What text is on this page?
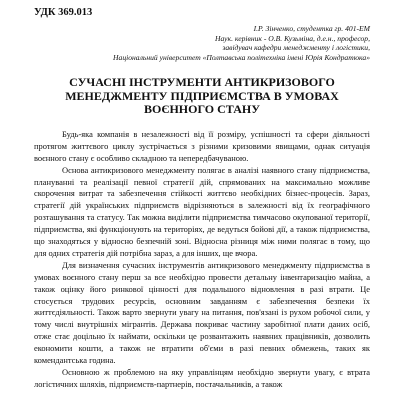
УДК 369.013

І.Р. Зінченко, студентка гр. 401-ЕМ
Наук. керівник - О.В. Кузьміна, д.е.н., професор,
завідувач кафедри менеджменту і логістики,
Національний університет «Полтавська політехніка імені Юрія Кондратюка»
СУЧАСНІ ІНСТРУМЕНТИ АНТИКРИЗОВОГО МЕНЕДЖМЕНТУ ПІДПРИЄМСТВА В УМОВАХ ВОЄННОГО СТАНУ

Будь-яка компанія в незалежності від її розміру, успішності та сфери діяльності протягом життєвого циклу зустрічається з різними кризовими явищами, однак ситуація воєнного стану є особливо складною та непередбачуваною.

Основа антикризового менеджменту полягає в аналізі наявного стану підприємства, плануванні та реалізації певної стратегії дій, спрямованих на максимально можливе скорочення витрат та забезпечення стійкості життєво необхідних бізнес-процесів. Зараз, стратегії дій українських підприємств відрізняються в залежності від їх географічного розташування та статусу. Так можна виділити підприємства тимчасово окупованої території, підприємства, які функціонують на територіях, де ведуться бойові дії, а також підприємства, що знаходяться у відносно безпечній зоні. Відносна різниця між ними полягає в тому, що для одних стратегія дій потрібна зараз, а для інших, ще вчора.

Для визначення сучасних інструментів антикризового менеджменту підприємства в умовах воєнного стану перш за все необхідно провести детальну інвентаризацію майна, а також оцінку його ринкової цінності для подальшого відновлення в разі втрати. Це стосується трудових ресурсів, основним завданням є забезпечення безпеки їх життєдіяльності. Також варто звернути увагу на питання, пов'язані із рухом робочої сили, у тому числі внутрішніх мігрантів. Держава покриває частину заробітної плати даних осіб, отже стає доцільно їх наймати, оскільки це розвантажить наявних працівників, дозволить економити кошти, а також не втратити об'єми в разі певних обмежень, таких як комендантська година.

Основною ж проблемою на яку управлінцям необхідно звернути увагу, є втрата логістичних шляхів, підприємств-партнерів, постачальників, а також
